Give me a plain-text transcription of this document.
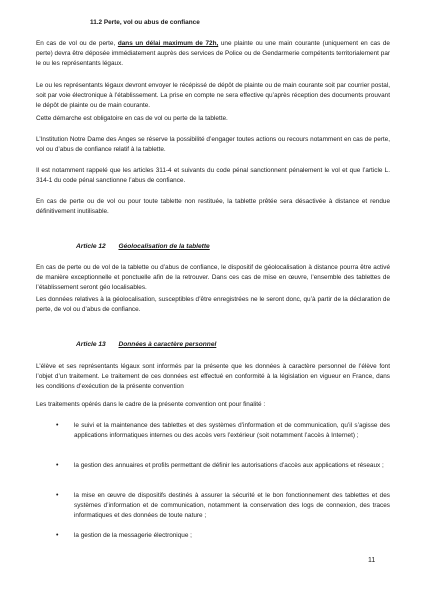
11.2 Perte, vol ou abus de confiance

En cas de vol ou de perte, dans un délai maximum de 72h, une plainte ou une main courante (uniquement en cas de perte) devra être déposée immédiatement auprès des services de Police ou de Gendarmerie compétents territorialement par le ou les représentants légaux.

Le ou les représentants légaux devront envoyer le récépissé de dépôt de plainte ou de main courante soit par courrier postal, soit par voie électronique à l’établissement. La prise en compte ne sera effective qu’après réception des documents prouvant le dépôt de plainte ou de main courante.

Cette démarche est obligatoire en cas de vol ou perte de la tablette.

L’Institution Notre Dame des Anges se réserve la possibilité d’engager toutes actions ou recours notamment en cas de perte, vol ou d’abus de confiance relatif à la tablette.

Il est notamment rappelé que les articles 311-4 et suivants du code pénal sanctionnent pénalement le vol et que l’article L. 314-1 du code pénal sanctionne l’abus de confiance.

En cas de perte ou de vol ou pour toute tablette non restituée, la tablette prêtée sera désactivée à distance et rendue définitivement inutilisable.

Article 12 Géolocalisation de la tablette

En cas de perte ou de vol de la tablette ou d’abus de confiance, le dispositif de géolocalisation à distance pourra être activé de manière exceptionnelle et ponctuelle afin de la retrouver. Dans ces cas de mise en œuvre, l’ensemble des tablettes de l’établissement seront géo localisables.

Les données relatives à la géolocalisation, susceptibles d’être enregistrées ne le seront donc, qu’à partir de la déclaration de perte, de vol ou d’abus de confiance.

Article 13 Données à caractère personnel

L’élève et ses représentants légaux sont informés par la présente que les données à caractère personnel de l’élève font l’objet d’un traitement. Le traitement de ces données est effectué en conformité à la législation en vigueur en France, dans les conditions d’exécution de la présente convention

Les traitements opérés dans le cadre de la présente convention ont pour finalité :

• le suivi et la maintenance des tablettes et des systèmes d’information et de communication, qu’il s’agisse des applications informatiques internes ou des accès vers l’extérieur (soit notamment l’accès à Internet) ;

• la gestion des annuaires et profils permettant de définir les autorisations d’accès aux applications et réseaux ;

• la mise en œuvre de dispositifs destinés à assurer la sécurité et le bon fonctionnement des tablettes et des systèmes d’information et de communication, notamment la conservation des logs de connexion, des traces informatiques et des données de toute nature ;

• la gestion de la messagerie électronique ;

11
